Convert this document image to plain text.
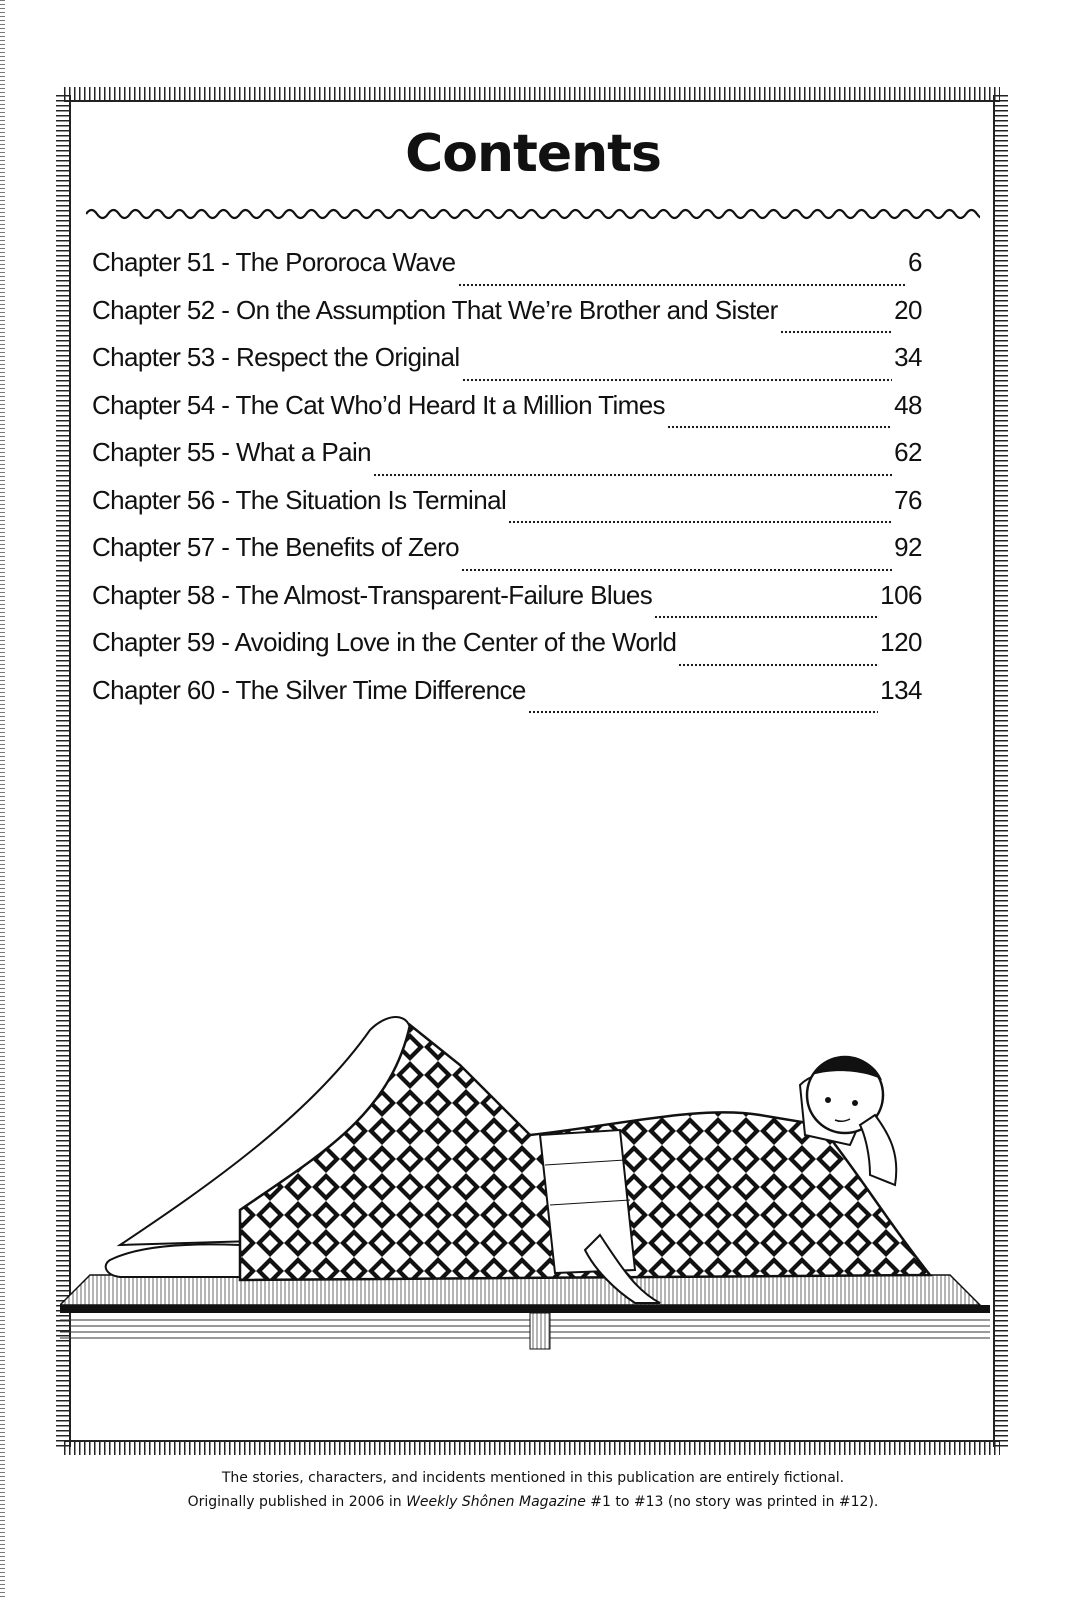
Contents
Chapter 51 - The Pororoca Wave	6
Chapter 52 - On the Assumption That We’re Brother and Sister	20
Chapter 53 - Respect the Original	34
Chapter 54 - The Cat Who’d Heard It a Million Times	48
Chapter 55 - What a Pain	62
Chapter 56 - The Situation Is Terminal	76
Chapter 57 - The Benefits of Zero	92
Chapter 58 - The Almost-Transparent-Failure Blues	106
Chapter 59 - Avoiding Love in the Center of the World	120
Chapter 60 - The Silver Time Difference	134
The stories, characters, and incidents mentioned in this publication are entirely fictional.
Originally published in 2006 in Weekly Shônen Magazine #1 to #13 (no story was printed in #12).
